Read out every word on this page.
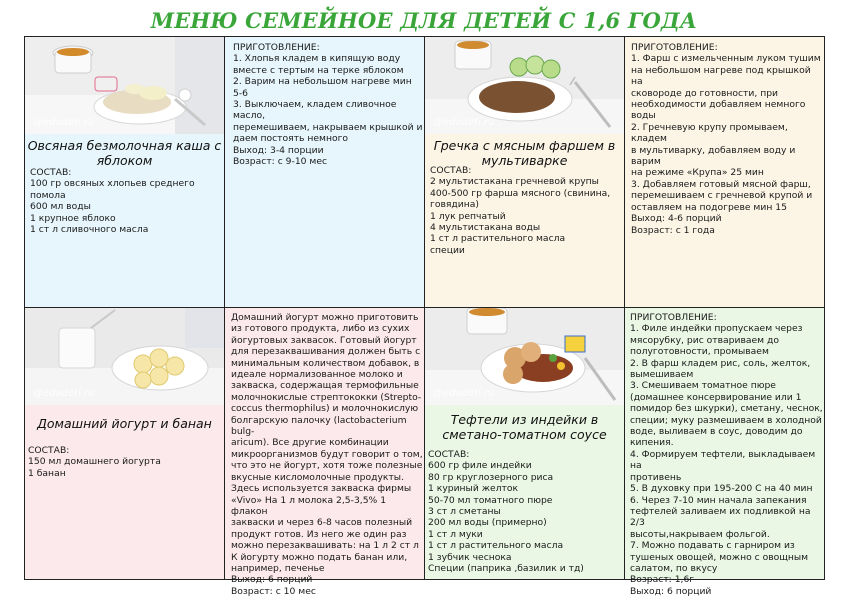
МЕНЮ СЕМЕЙНОЕ ДЛЯ ДЕТЕЙ С 1,6 ГОДА
@edadeti.ru
Овсяная безмолочная каша с яблоком
СОСТАВ:
100 гр овсяных хлопьев среднего
помола
600 мл воды
1 крупное яблоко
1 ст л сливочного масла
ПРИГОТОВЛЕНИЕ:
1. Хлопья кладем в кипящую воду
вместе с тертым на терке яблоком
2. Варим на небольшом нагреве мин 5-6
3. Выключаем, кладем сливочное масло,
перемешиваем, накрываем крышкой и
даем постоять немного
Выход: 3-4 порции
Возраст: с 9-10 мес
@edadeti.ru
Гречка с мясным фаршем в мультиварке
СОСТАВ:
2 мультистакана гречневой крупы
400-500 гр фарша мясного (свинина,
говядина)
1 лук репчатый
4 мультистакана воды
1 ст л растительного масла
специи
ПРИГОТОВЛЕНИЕ:
1. Фарш с измельченным луком тушим
на небольшом нагреве под крышкой на
сковороде до готовности, при
необходимости добавляем немного воды
2. Гречневую крупу промываем, кладем
в мультиварку, добавляем воду и варим
на режиме «Крупа» 25 мин
3. Добавляем готовый мясной фарш,
перемешиваем с гречневой крупой и
оставляем на подогреве мин 15
Выход: 4-6 порций
Возраст: с 1 года
@edadeti.ru
Домашний йогурт и банан
СОСТАВ:
150 мл домашнего йогурта
1 банан
Домашний йогурт можно приготовить
из готового продукта, либо из сухих
йогуртовых заквасок. Готовый йогурт
для перезаквашивания должен быть с
минимальным количеством добавок, в
идеале нормализованное молоко и
закваска, содержащая термофильные
молочнокислые стрептококки (Strepto-
coccus thermophilus) и молочнокислую
болгарскую палочку (lactobacterium bulg-
aricum). Все другие комбинации
микроорганизмов будут говорит о том,
что это не йогурт, хотя тоже полезные
вкусные кисломолочные продукты.
Здесь используется закваска фирмы
«Vivo» На 1 л молока 2,5-3,5% 1 флакон
закваски и через 6-8 часов полезный
продукт готов. Из него же один раз
можно перезаквашивать: на 1 л 2 ст л
К йогурту можно подать банан или,
например, печенье
Выход: 6 порций
Возраст: с 10 мес
@edadeti.ru
Тефтели из индейки в сметано-томатном соусе
СОСТАВ:
600 гр филе индейки
80 гр круглозерного риса
1 куриный желток
50-70 мл томатного пюре
3 ст л сметаны
200 мл воды (примерно)
1 ст л муки
1 ст л растительного масла
1 зубчик чеснока
Специи (паприка ,базилик и тд)
ПРИГОТОВЛЕНИЕ:
1. Филе индейки пропускаем через
мясорубку, рис отвариваем до
полуготовности, промываем
2. В фарш кладем рис, соль, желток,
вымешиваем
3. Смешиваем томатное пюре
(домашнее консервирование или 1
помидор без шкурки), сметану, чеснок,
специи; муку размешиваем в холодной
воде, выливаем в соус, доводим до
кипения.
4. Формируем тефтели, выкладываем на
противень
5. В духовку при 195-200 С на 40 мин
6. Через 7-10 мин начала запекания
тефтелей заливаем их подливкой на 2/3
высоты,накрываем фольгой.
7. Можно подавать с гарниром из
тушеных овощей, можно с овощным
салатом, по вкусу
Возраст: 1,6г
Выход: 6 порций
